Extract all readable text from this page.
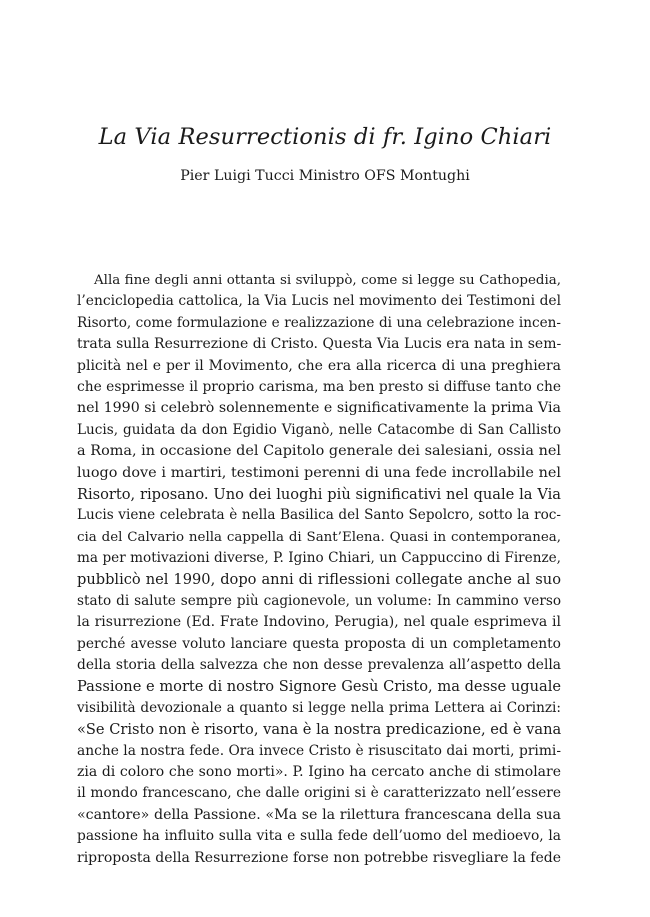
La Via Resurrectionis di fr. Igino Chiari

Pier Luigi Tucci Ministro OFS Montughi

Alla fine degli anni ottanta si sviluppò, come si legge su Cathopedia,
l’enciclopedia cattolica, la Via Lucis nel movimento dei Testimoni del
Risorto, come formulazione e realizzazione di una celebrazione incen-
trata sulla Resurrezione di Cristo. Questa Via Lucis era nata in sem-
plicità nel e per il Movimento, che era alla ricerca di una preghiera
che esprimesse il proprio carisma, ma ben presto si diffuse tanto che
nel 1990 si celebrò solennemente e significativamente la prima Via
Lucis, guidata da don Egidio Viganò, nelle Catacombe di San Callisto
a Roma, in occasione del Capitolo generale dei salesiani, ossia nel
luogo dove i martiri, testimoni perenni di una fede incrollabile nel
Risorto, riposano. Uno dei luoghi più significativi nel quale la Via
Lucis viene celebrata è nella Basilica del Santo Sepolcro, sotto la roc-
cia del Calvario nella cappella di Sant’Elena. Quasi in contemporanea,
ma per motivazioni diverse, P. Igino Chiari, un Cappuccino di Firenze,
pubblicò nel 1990, dopo anni di riflessioni collegate anche al suo
stato di salute sempre più cagionevole, un volume: In cammino verso
la risurrezione (Ed. Frate Indovino, Perugia), nel quale esprimeva il
perché avesse voluto lanciare questa proposta di un completamento
della storia della salvezza che non desse prevalenza all’aspetto della
Passione e morte di nostro Signore Gesù Cristo, ma desse uguale
visibilità devozionale a quanto si legge nella prima Lettera ai Corinzi:
«Se Cristo non è risorto, vana è la nostra predicazione, ed è vana
anche la nostra fede. Ora invece Cristo è risuscitato dai morti, primi-
zia di coloro che sono morti». P. Igino ha cercato anche di stimolare
il mondo francescano, che dalle origini si è caratterizzato nell’essere
«cantore» della Passione. «Ma se la rilettura francescana della sua
passione ha influito sulla vita e sulla fede dell’uomo del medioevo, la
riproposta della Resurrezione forse non potrebbe risvegliare la fede
